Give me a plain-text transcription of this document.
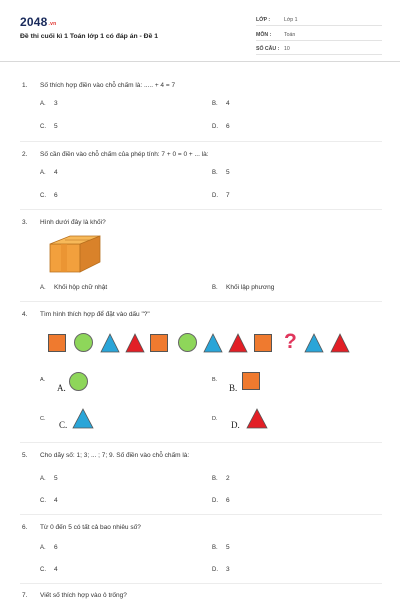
2048.vn
Đề thi cuối kì 1 Toán lớp 1 có đáp án - Đề 1
LỚP :	Lớp 1
MÔN : Toán
SỐ CÂU : 10
1. Số thích hợp điền vào chỗ chấm là: ..... + 4 = 7
A. 3	B. 4
C. 5	D. 6
2. Số cần điền vào chỗ chấm của phép tính: 7 + 0 = 0 + ... là:
A. 4	B. 5
C. 6	D. 7
3. Hình dưới đây là khối?
A. Khối hộp chữ nhật	B. Khối lập phương
4. Tìm hình thích hợp để đặt vào dấu "?"
?
A.
A.
B.
B.
C.
C.
D.
D.
5. Cho dãy số: 1; 3; ... ; 7; 9. Số điền vào chỗ chấm là:
A. 5	B. 2
C. 4	D. 6
6. Từ 0 đến 5 có tất cả bao nhiêu số?
A. 6	B. 5
C. 4	D. 3
7. Viết số thích hợp vào ô trống?
